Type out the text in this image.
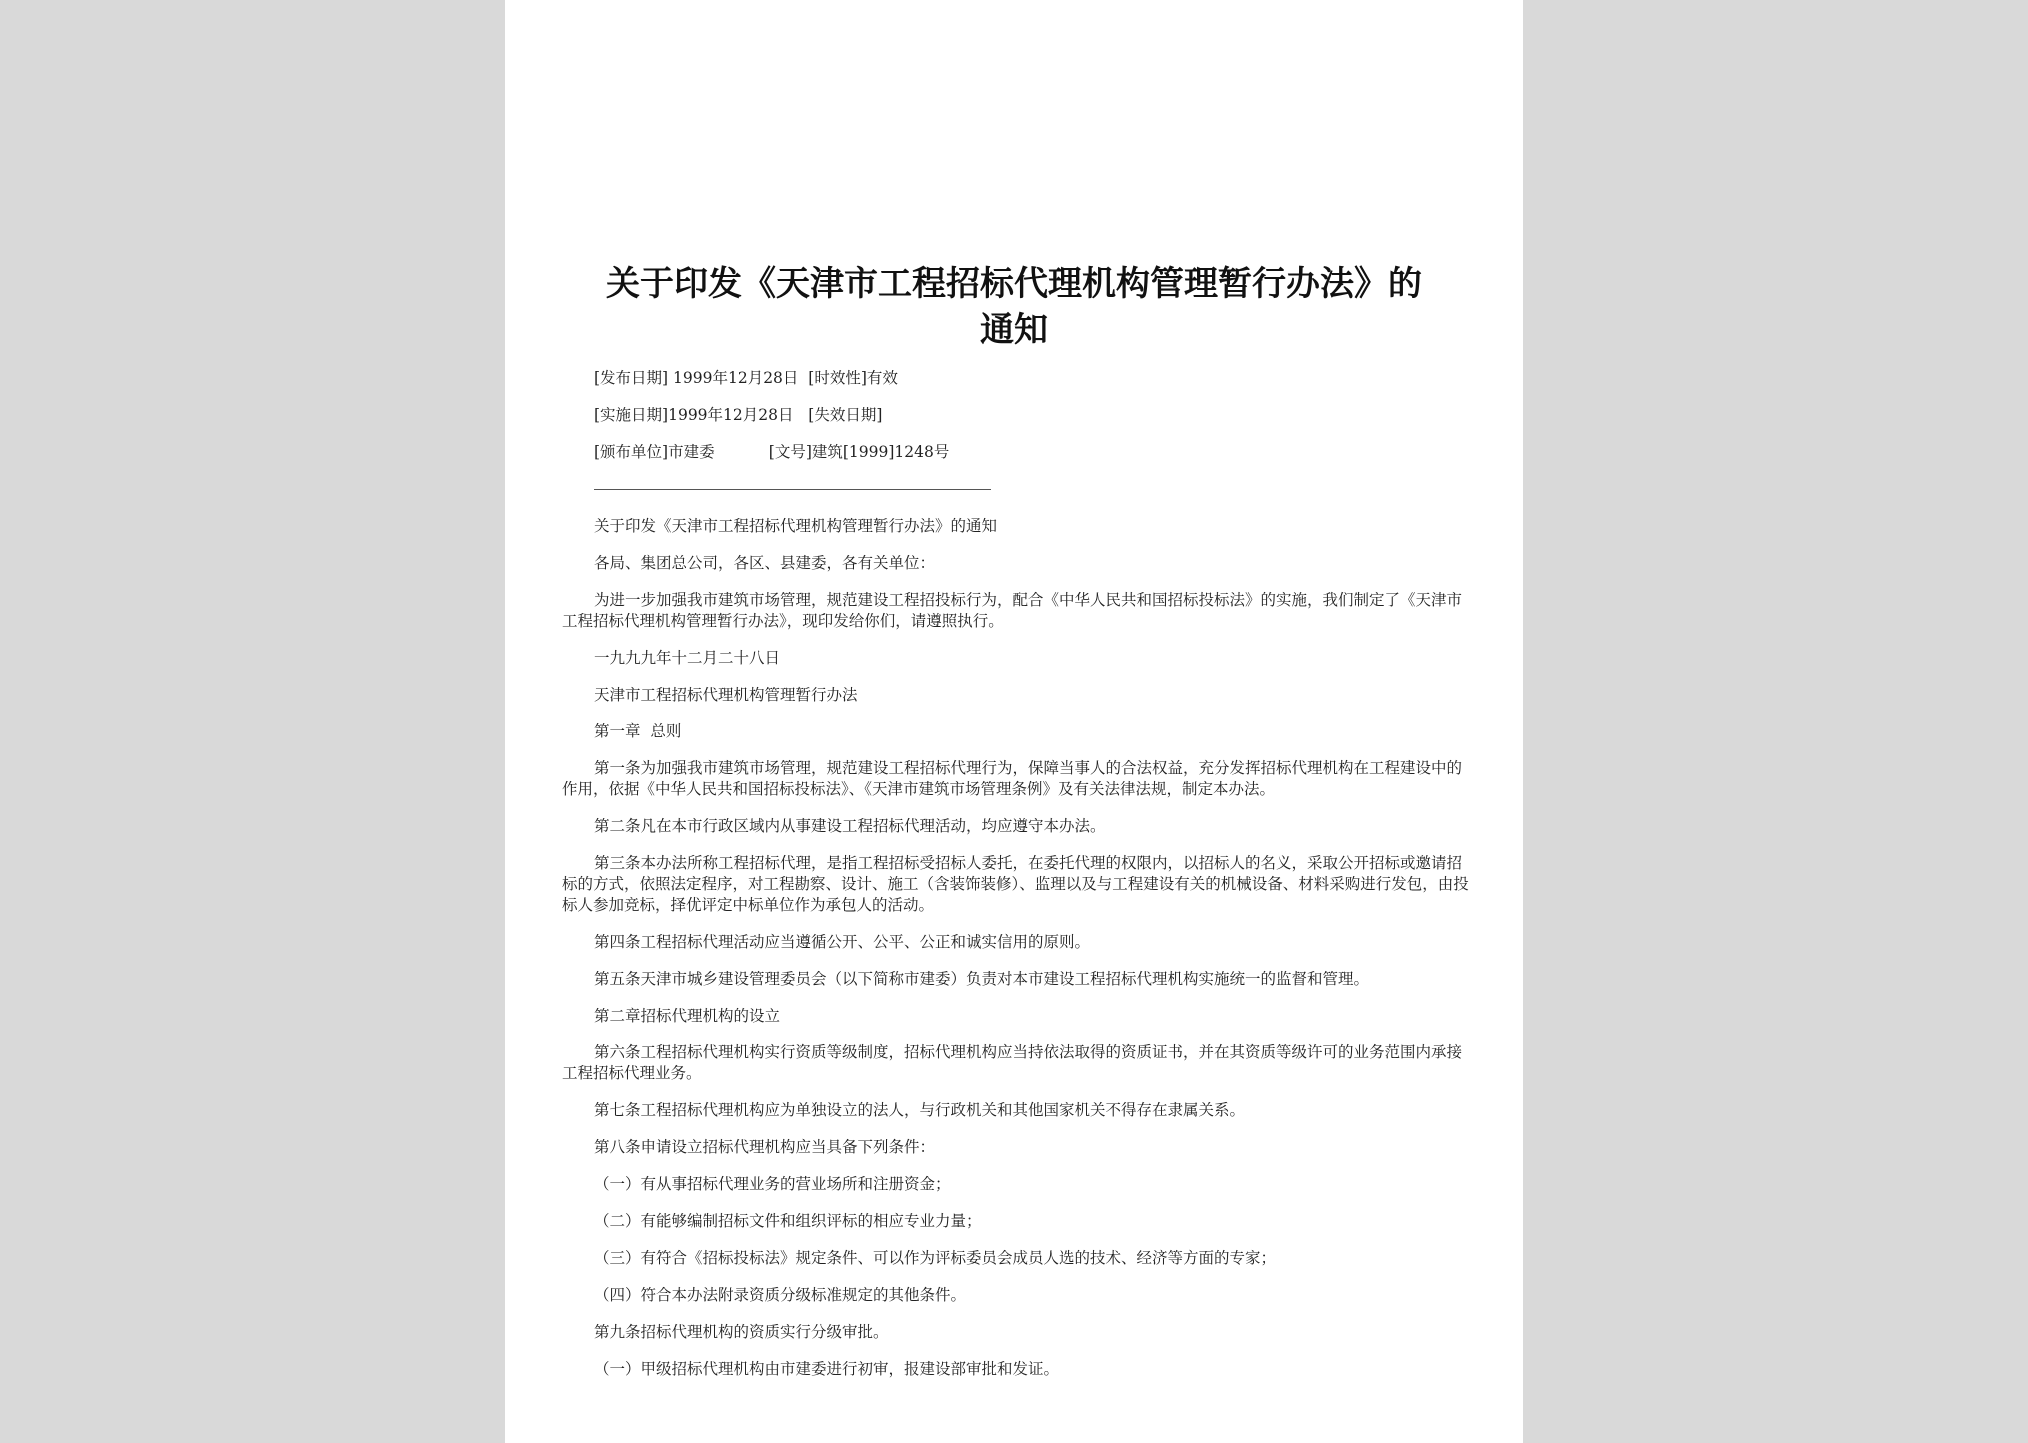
关于印发《天津市工程招标代理机构管理暂行办法》的
通知
[发布日期] 1999年12月28日  [时效性]有效
[实施日期]1999年12月28日   [失效日期]
[颁布单位]市建委           [文号]建筑[1999]1248号
关于印发《天津市工程招标代理机构管理暂行办法》的通知
各局、集团总公司，各区、县建委，各有关单位：

为进一步加强我市建筑市场管理，规范建设工程招投标行为，配合《中华人民共和国招标投标法》的实施，我们制定了《天津市工程招标代理机构管理暂行办法》，现印发给你们，请遵照执行。

一九九九年十二月二十八日
天津市工程招标代理机构管理暂行办法
第一章  总则

第一条为加强我市建筑市场管理，规范建设工程招标代理行为，保障当事人的合法权益，充分发挥招标代理机构在工程建设中的作用，依据《中华人民共和国招标投标法》、《天津市建筑市场管理条例》及有关法律法规，制定本办法。

第二条凡在本市行政区域内从事建设工程招标代理活动，均应遵守本办法。

第三条本办法所称工程招标代理，是指工程招标受招标人委托，在委托代理的权限内，以招标人的名义，采取公开招标或邀请招标的方式，依照法定程序，对工程勘察、设计、施工（含装饰装修）、监理以及与工程建设有关的机械设备、材料采购进行发包，由投标人参加竞标，择优评定中标单位作为承包人的活动。

第四条工程招标代理活动应当遵循公开、公平、公正和诚实信用的原则。
第五条天津市城乡建设管理委员会（以下简称市建委）负责对本市建设工程招标代理机构实施统一的监督和管理。
第二章招标代理机构的设立

第六条工程招标代理机构实行资质等级制度，招标代理机构应当持依法取得的资质证书，并在其资质等级许可的业务范围内承接工程招标代理业务。

第七条工程招标代理机构应为单独设立的法人，与行政机关和其他国家机关不得存在隶属关系。
第八条申请设立招标代理机构应当具备下列条件：
（一）有从事招标代理业务的营业场所和注册资金；
（二）有能够编制招标文件和组织评标的相应专业力量；
（三）有符合《招标投标法》规定条件、可以作为评标委员会成员人选的技术、经济等方面的专家；
（四）符合本办法附录资质分级标准规定的其他条件。
第九条招标代理机构的资质实行分级审批。
（一）甲级招标代理机构由市建委进行初审，报建设部审批和发证。
